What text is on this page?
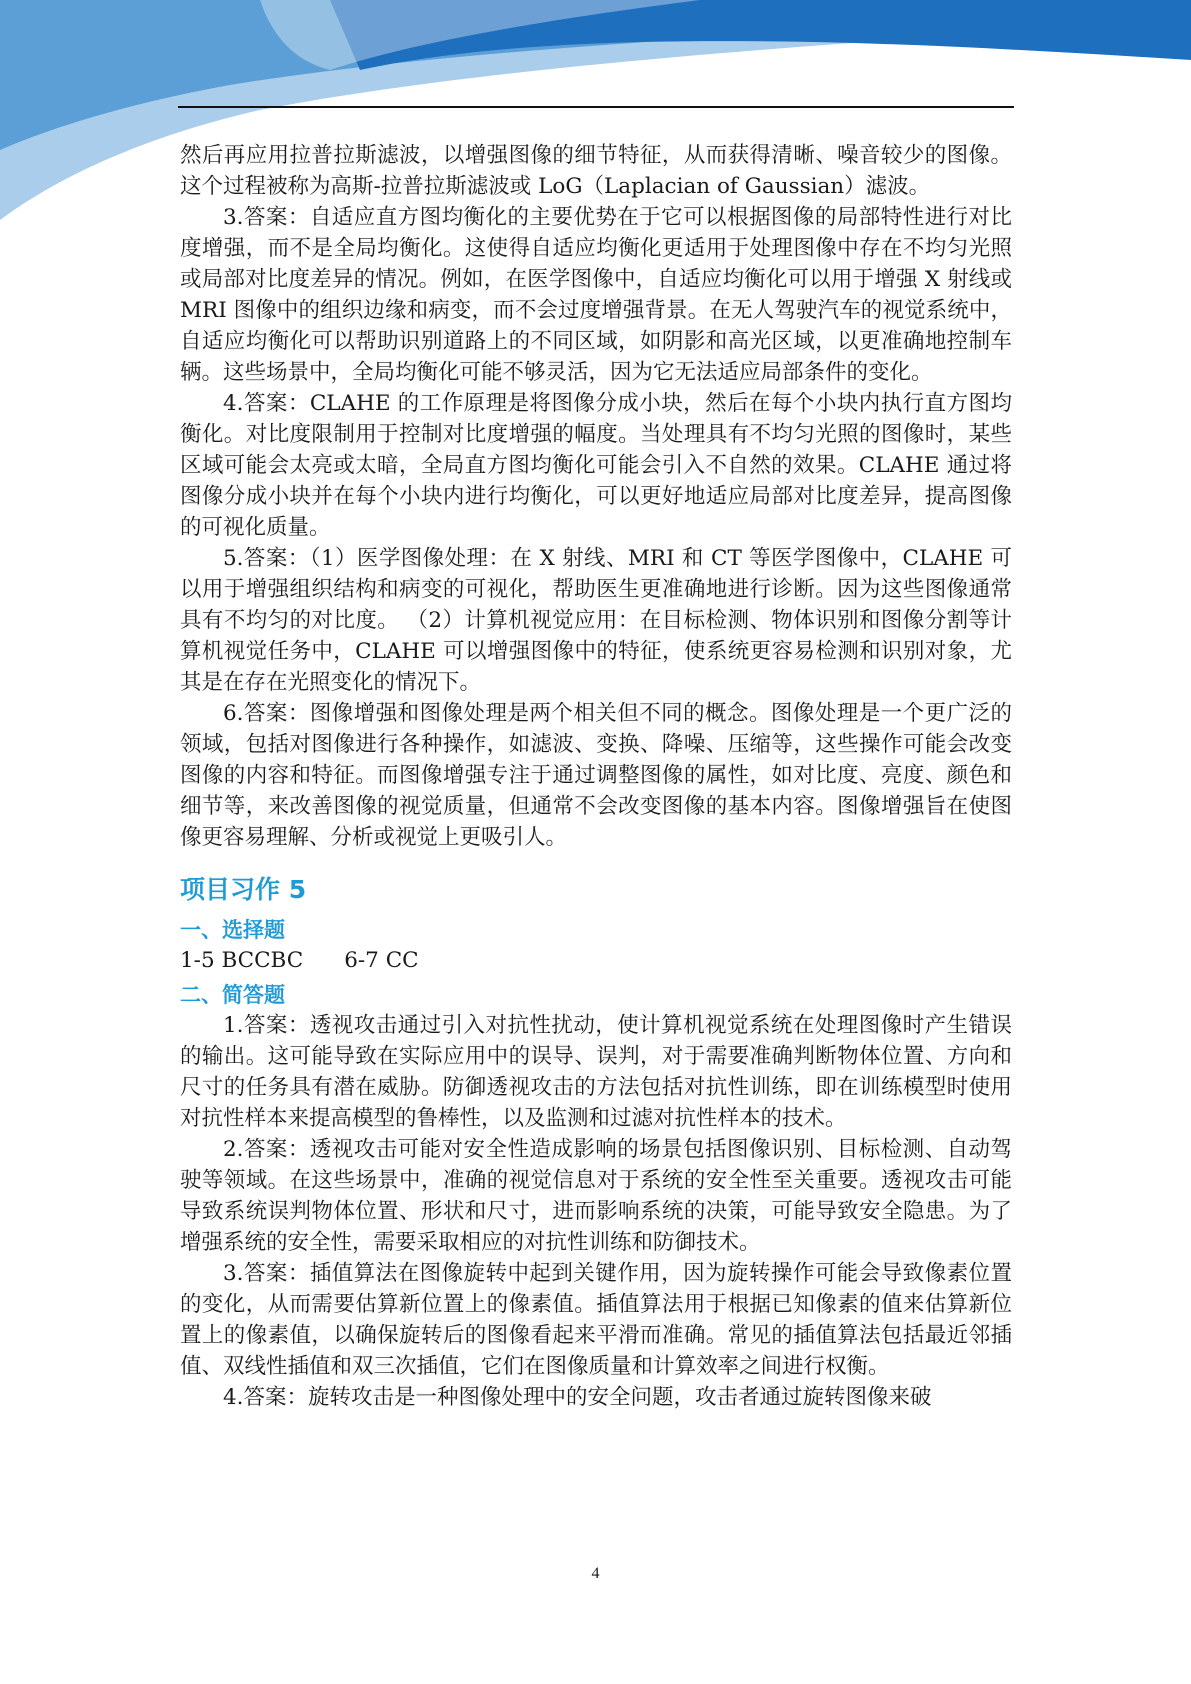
然后再应用拉普拉斯滤波，以增强图像的细节特征，从而获得清晰、噪音较少的图像。这个过程被称为高斯-拉普拉斯滤波或 LoG（Laplacian of Gaussian）滤波。

3.答案：自适应直方图均衡化的主要优势在于它可以根据图像的局部特性进行对比度增强，而不是全局均衡化。这使得自适应均衡化更适用于处理图像中存在不均匀光照或局部对比度差异的情况。例如，在医学图像中，自适应均衡化可以用于增强 X 射线或 MRI 图像中的组织边缘和病变，而不会过度增强背景。在无人驾驶汽车的视觉系统中，自适应均衡化可以帮助识别道路上的不同区域，如阴影和高光区域，以更准确地控制车辆。这些场景中，全局均衡化可能不够灵活，因为它无法适应局部条件的变化。

4.答案：CLAHE 的工作原理是将图像分成小块，然后在每个小块内执行直方图均衡化。对比度限制用于控制对比度增强的幅度。当处理具有不均匀光照的图像时，某些区域可能会太亮或太暗，全局直方图均衡化可能会引入不自然的效果。CLAHE 通过将图像分成小块并在每个小块内进行均衡化，可以更好地适应局部对比度差异，提高图像的可视化质量。

5.答案：（1）医学图像处理：在 X 射线、MRI 和 CT 等医学图像中，CLAHE 可以用于增强组织结构和病变的可视化，帮助医生更准确地进行诊断。因为这些图像通常具有不均匀的对比度。 （2）计算机视觉应用：在目标检测、物体识别和图像分割等计算机视觉任务中，CLAHE 可以增强图像中的特征，使系统更容易检测和识别对象，尤其是在存在光照变化的情况下。

6.答案：图像增强和图像处理是两个相关但不同的概念。图像处理是一个更广泛的领域，包括对图像进行各种操作，如滤波、变换、降噪、压缩等，这些操作可能会改变图像的内容和特征。而图像增强专注于通过调整图像的属性，如对比度、亮度、颜色和细节等，来改善图像的视觉质量，但通常不会改变图像的基本内容。图像增强旨在使图像更容易理解、分析或视觉上更吸引人。

项目习作 5
一、选择题

1-5 BCCBC 6-7 CC

二、简答题

1.答案：透视攻击通过引入对抗性扰动，使计算机视觉系统在处理图像时产生错误的输出。这可能导致在实际应用中的误导、误判，对于需要准确判断物体位置、方向和尺寸的任务具有潜在威胁。防御透视攻击的方法包括对抗性训练，即在训练模型时使用对抗性样本来提高模型的鲁棒性，以及监测和过滤对抗性样本的技术。

2.答案：透视攻击可能对安全性造成影响的场景包括图像识别、目标检测、自动驾驶等领域。在这些场景中，准确的视觉信息对于系统的安全性至关重要。透视攻击可能导致系统误判物体位置、形状和尺寸，进而影响系统的决策，可能导致安全隐患。为了增强系统的安全性，需要采取相应的对抗性训练和防御技术。

3.答案：插值算法在图像旋转中起到关键作用，因为旋转操作可能会导致像素位置的变化，从而需要估算新位置上的像素值。插值算法用于根据已知像素的值来估算新位置上的像素值，以确保旋转后的图像看起来平滑而准确。常见的插值算法包括最近邻插值、双线性插值和双三次插值，它们在图像质量和计算效率之间进行权衡。

4.答案：旋转攻击是一种图像处理中的安全问题，攻击者通过旋转图像来破

4
